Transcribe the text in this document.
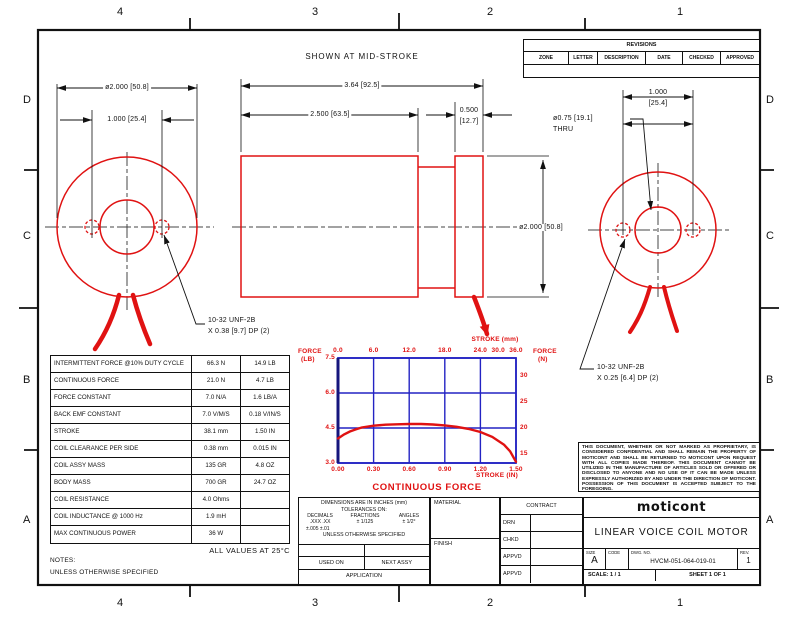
SHOWN AT MID-STROKE
ø2.000 [50.8]
1.000 [25.4]
10-32 UNF-2B
X 0.38 [9.7] DP (2)
3.64 [92.5]
2.500 [63.5]
0.500
[12.7]
ø2.000 [50.8]
1.000
[25.4]
ø0.75 [19.1]
THRU
10-32 UNF-2B
X 0.25 [6.4] DP (2)
FORCE
(LB)
FORCE
(N)
STROKE (mm)
STROKE (IN)
CONTINUOUS FORCE
REVISIONS
ZONE	LETTER	DESCRIPTION	DATE	CHECKED	APPROVED
INTERMITTENT FORCE @10% DUTY CYCLE	66.3 N	14.9 LB
CONTINUOUS FORCE	21.0 N	4.7 LB
FORCE CONSTANT	7.0 N/A	1.6 LB/A
BACK EMF CONSTANT	7.0 V/M/S	0.18 V/IN/S
STROKE	38.1 mm	1.50 IN
COIL CLEARANCE PER SIDE	0.38 mm	0.015 IN
COIL ASSY MASS	135 GR	4.8 OZ
BODY MASS	700 GR	24.7 OZ
COIL RESISTANCE	4.0 Ohms
COIL INDUCTANCE @ 1000 Hz	1.9 mH
MAX CONTINUOUS POWER	36 W
ALL VALUES AT 25°C
NOTES:
UNLESS OTHERWISE SPECIFIED
THIS DOCUMENT, WHETHER OR NOT MARKED AS PROPRIETARY, IS CONSIDERED CONFIDENTIAL AND SHALL REMAIN THE PROPERTY OF MOTICONT AND SHALL BE RETURNED TO MOTICONT UPON REQUEST WITH ALL COPIES MADE THEREOF. THIS DOCUMENT CANNOT BE UTILIZED IN THE MANUFACTURE OF ARTICLES SOLD OR OFFERED OR DISCLOSED TO ANYONE AND NO USE OF IT CAN BE MADE UNLESS EXPRESSLY AUTHORIZED BY AND UNDER THE DIRECTION OF MOTICONT. POSSESSION OF THIS DOCUMENT IS ACCEPTED SUBJECT TO THE FOREGOING.
DIMENSIONS ARE IN INCHES (mm)
TOLERANCES ON:
DECIMALS	FRACTIONS	ANGLES
.XXX .XX	± 1/125	± 1/2°
±.005 ±.01
UNLESS OTHERWISE SPECIFIED
USED ON	NEXT ASSY
APPLICATION
MATERIAL
FINISH
CONTRACT
DRN
CHKD
APPVD
APPVD
moticont
LINEAR VOICE COIL MOTOR
SIZE
A
CODE	DWG. NO.
HVCM-051-064-019-01
REV.
1
SCALE: 1 / 1	SHEET 1 OF 1
4
4
3
3
2
2
1
1
D	D
C	C
B	B
A	A
0.0	6.0	12.0	18.0	24.0 30.0 36.0
0.00	0.30	0.60	0.90	1.20	1.50
7.5
6.0
4.5
3.0
30
25
20
15
